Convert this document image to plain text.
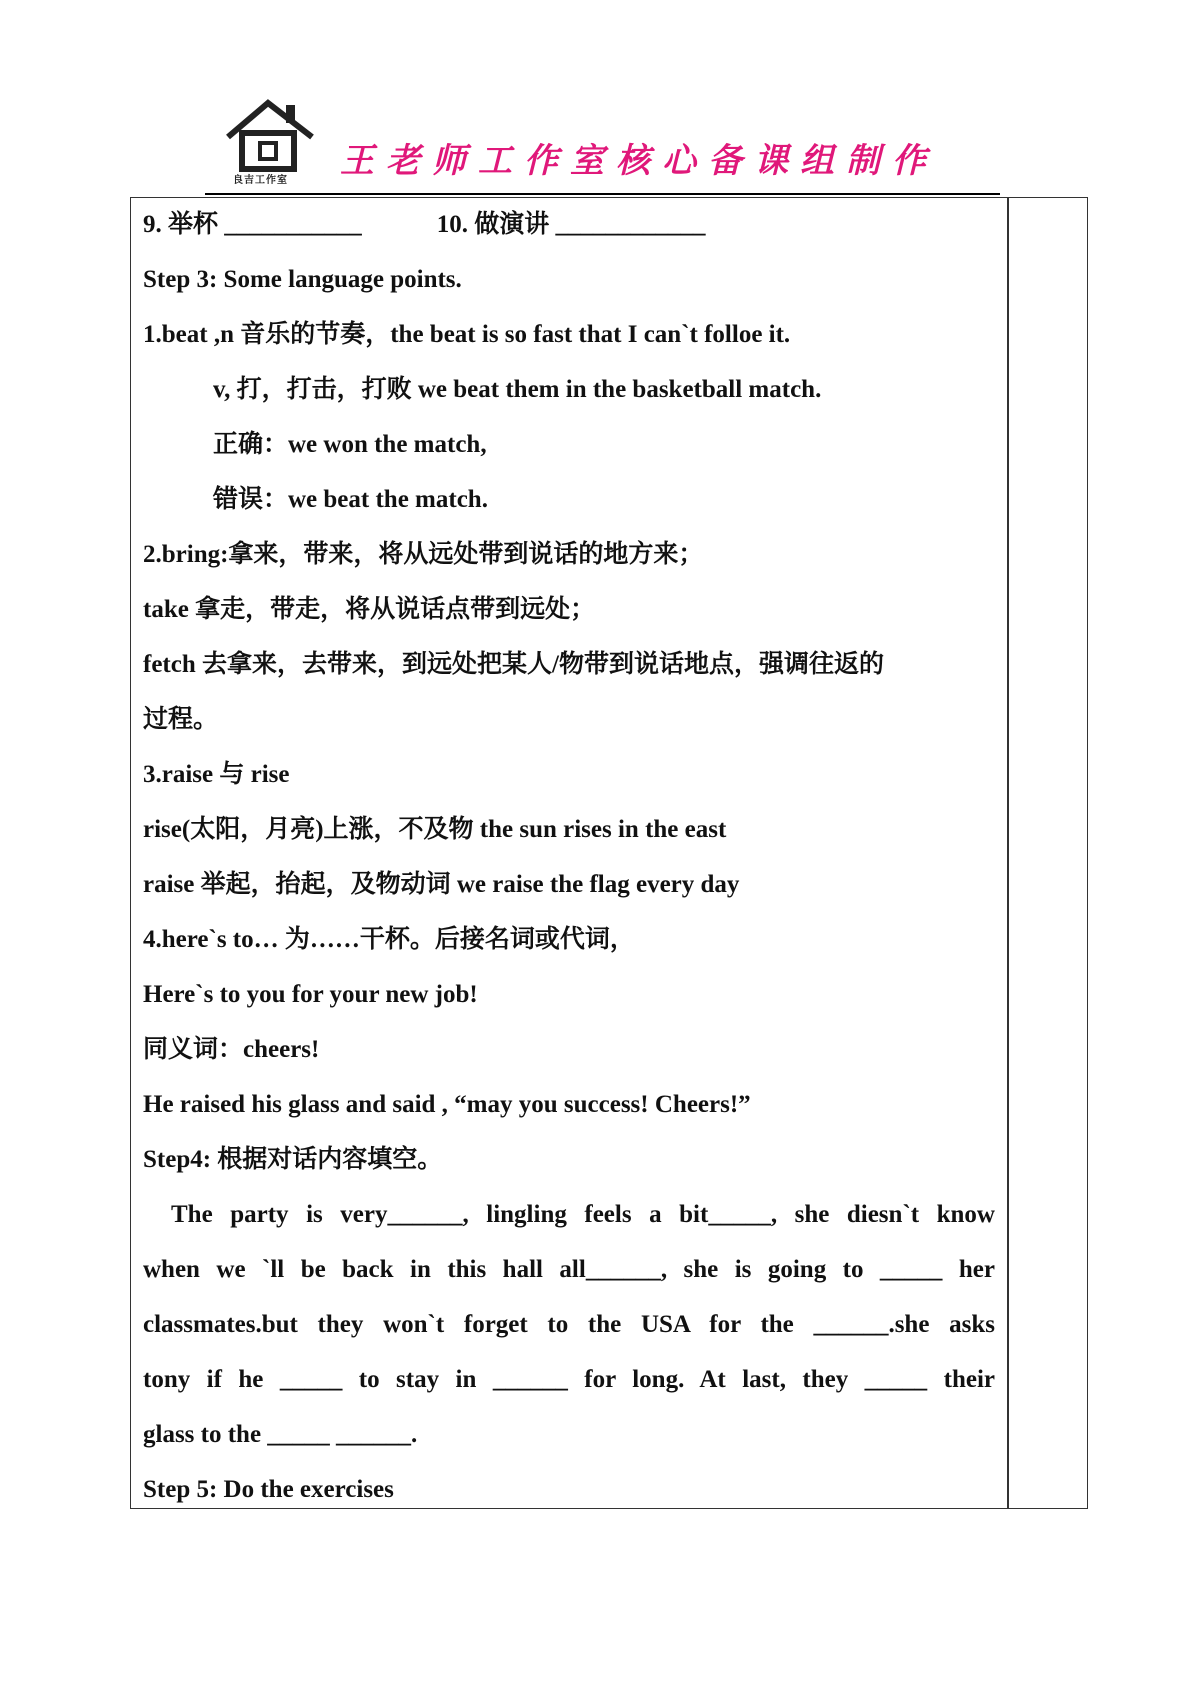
良吉工作室	王老师工作室核心备课组制作
9. 举杯 ___________            10. 做演讲 ____________
Step 3: Some language points.
1.beat ,n 音乐的节奏，the beat is so fast that I can`t folloe it.
v, 打，打击，打败 we beat them in the basketball match.
正确：we won the match,
错误：we beat the match.
2.bring:拿来，带来，将从远处带到说话的地方来；
take 拿走，带走，将从说话点带到远处；
fetch 去拿来，去带来，到远处把某人/物带到说话地点，强调往返的
过程。
3.raise 与 rise
rise(太阳，月亮)上涨，不及物 the sun rises in the east
raise 举起，抬起，及物动词 we raise the flag every day
4.here`s to… 为……干杯。后接名词或代词，
Here`s to you for your new job!
同义词：cheers!
He raised his glass and said , “may you success! Cheers!”
Step4: 根据对话内容填空。
The party is very______, lingling feels a bit_____, she diesn`t know
when we `ll be back in this hall all______, she is going to _____ her
classmates.but they won`t forget to the USA for the ______.she asks
tony if he _____ to stay in ______ for long. At last, they _____ their
glass to the _____ ______.
Step 5: Do the exercises
